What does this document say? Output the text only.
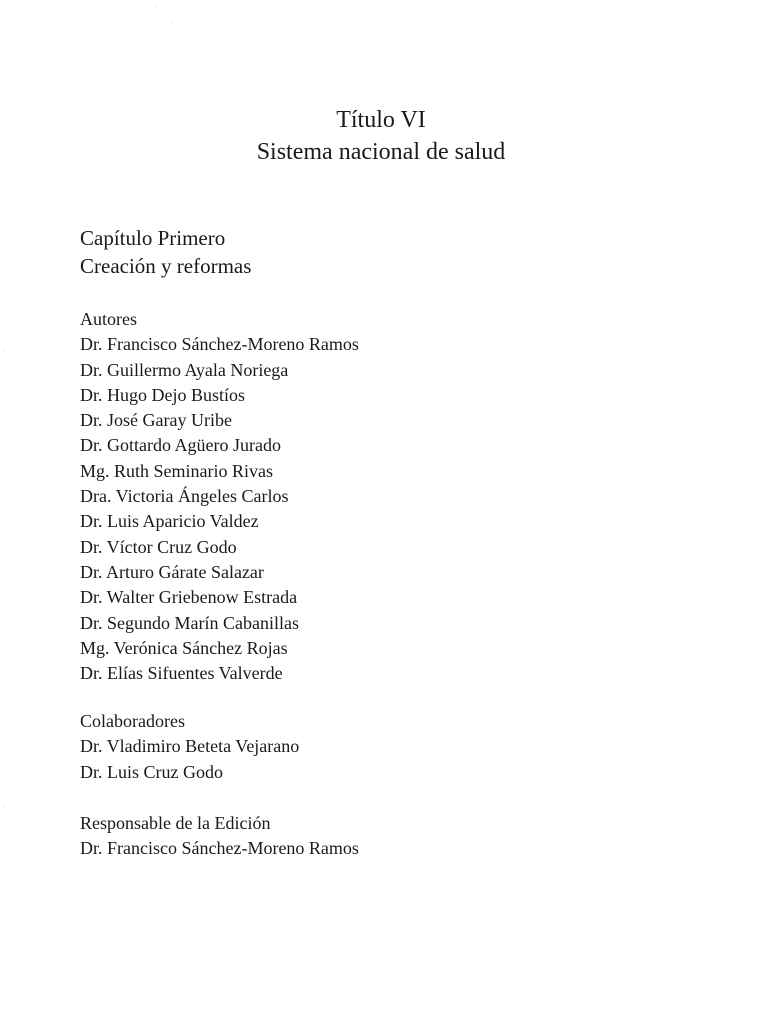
Título VI
Sistema nacional de salud
Capítulo Primero
Creación y reformas
Autores
Dr. Francisco Sánchez-Moreno Ramos
Dr. Guillermo Ayala Noriega
Dr. Hugo Dejo Bustíos
Dr. José Garay Uribe
Dr. Gottardo Agüero Jurado
Mg. Ruth Seminario Rivas
Dra. Victoria Ángeles Carlos
Dr. Luis Aparicio Valdez
Dr. Víctor Cruz Godo
Dr. Arturo Gárate Salazar
Dr. Walter Griebenow Estrada
Dr. Segundo Marín Cabanillas
Mg. Verónica Sánchez Rojas
Dr. Elías Sifuentes Valverde
Colaboradores
Dr. Vladimiro Beteta Vejarano
Dr. Luis Cruz Godo
Responsable de la Edición
Dr. Francisco Sánchez-Moreno Ramos
